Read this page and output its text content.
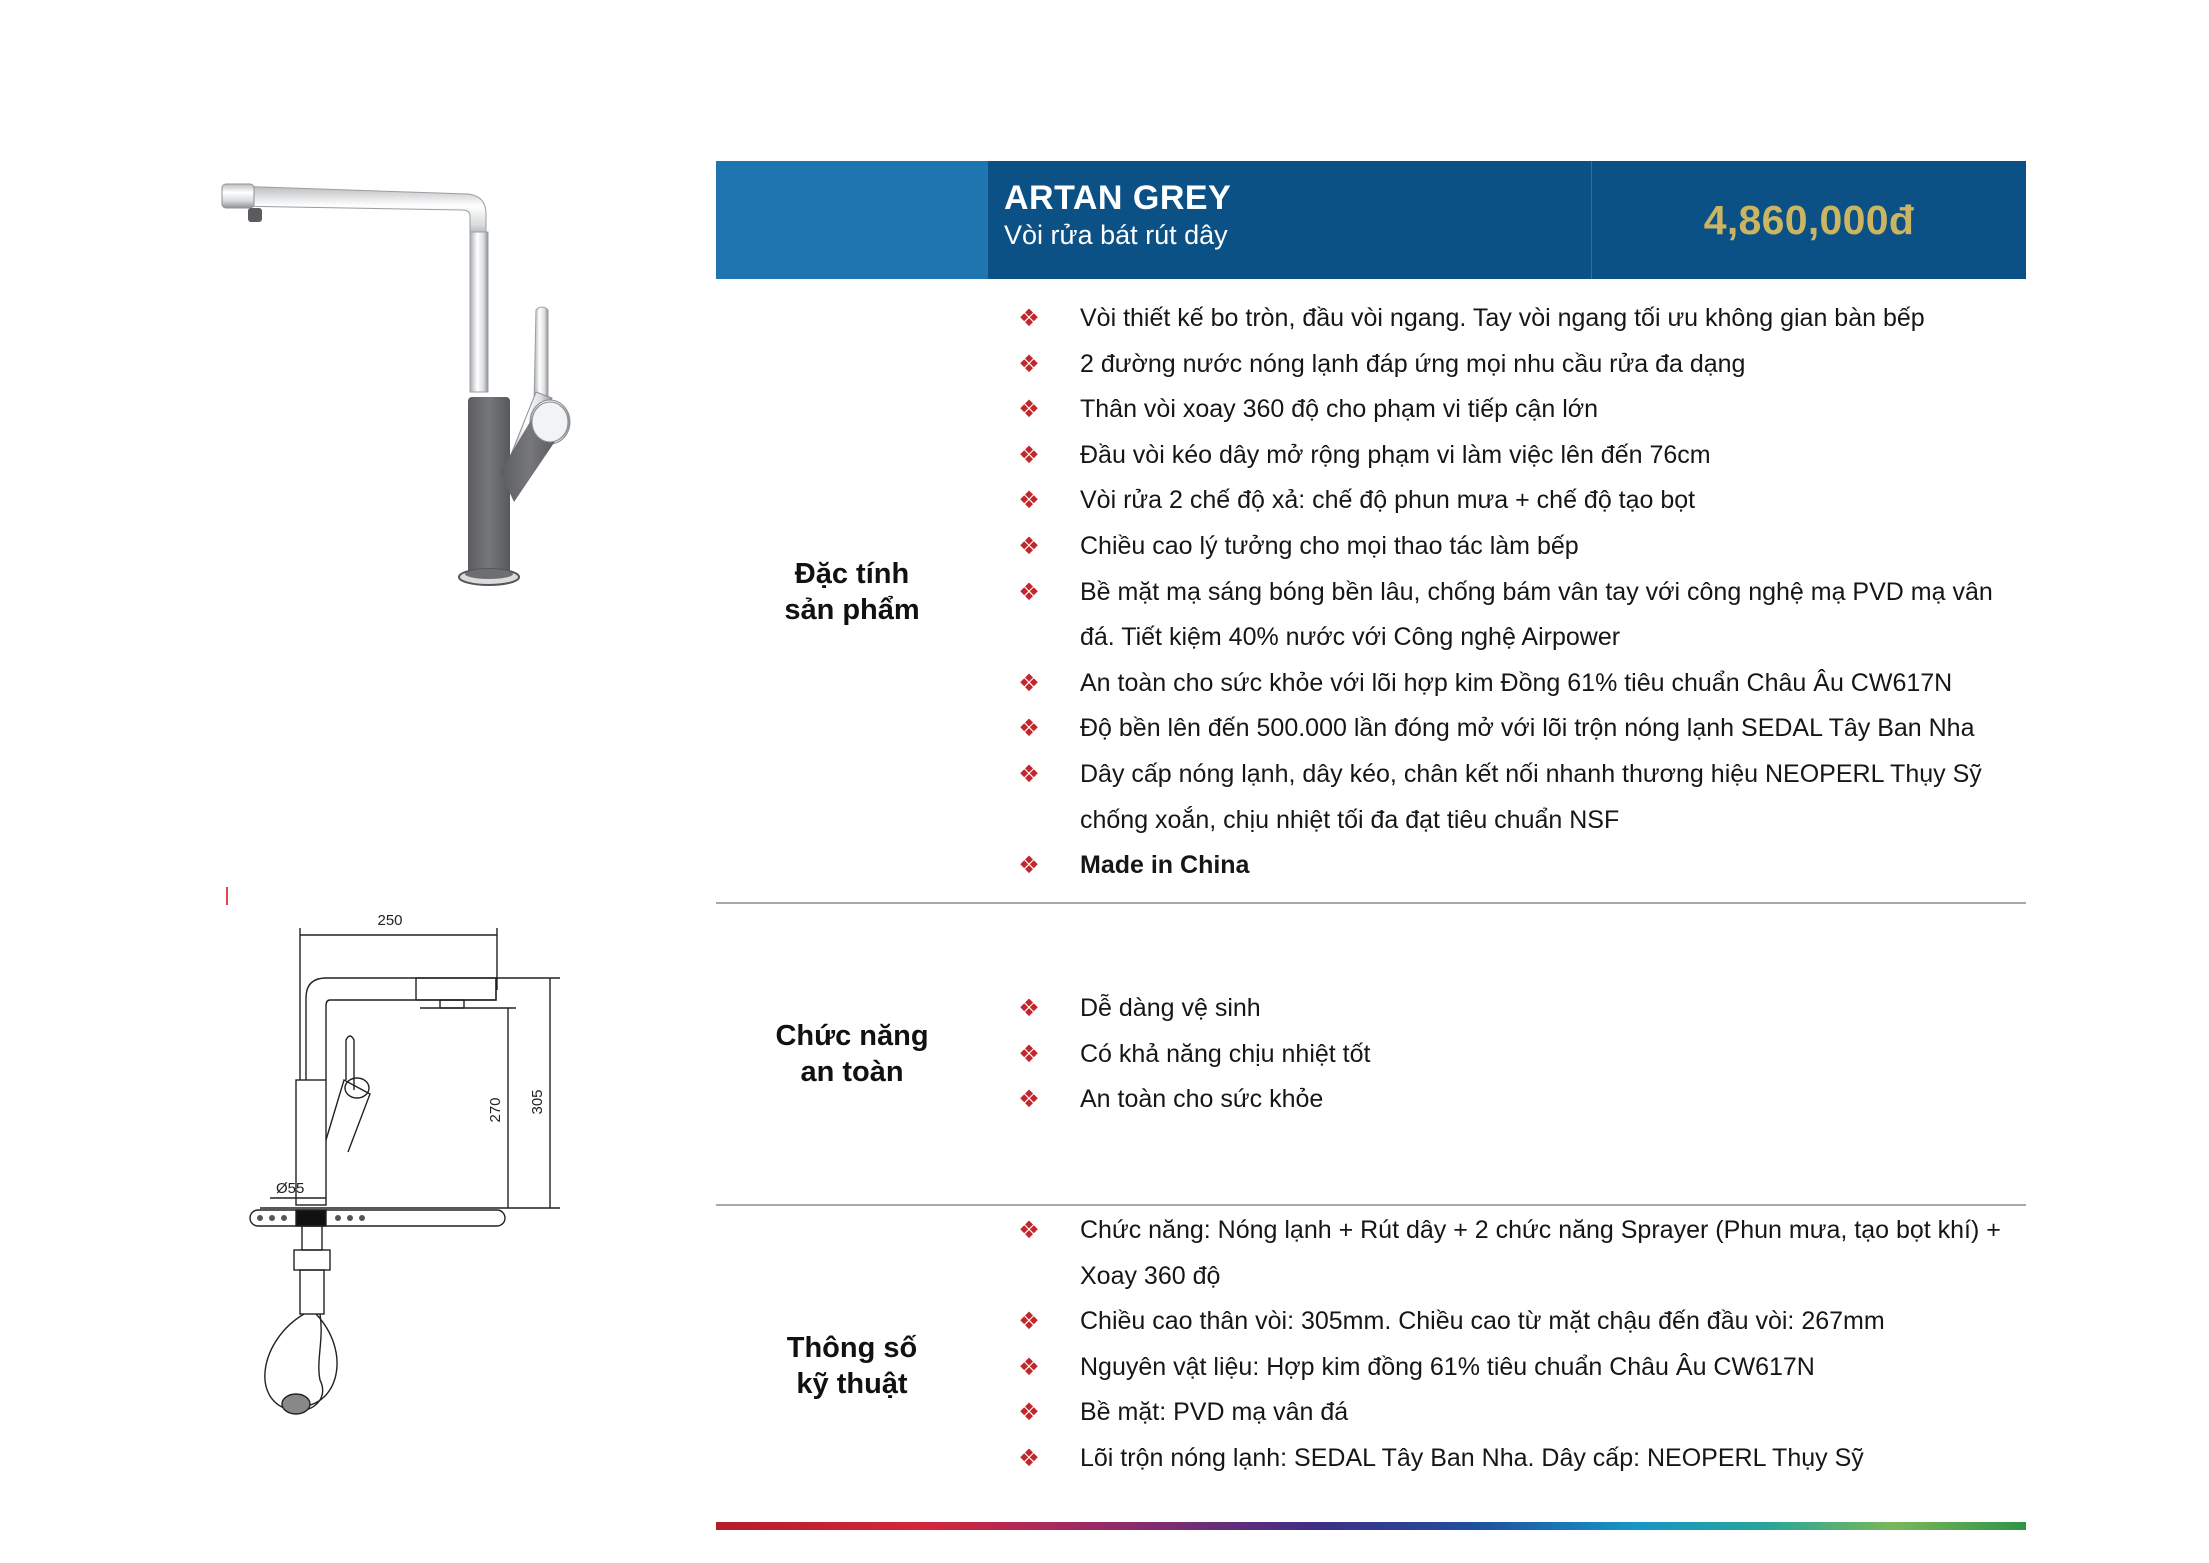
250
305
270
Ø55
ARTAN GREY
Vòi rửa bát rút dây	4,860,000đ
Đặc tính
sản phẩm
❖ Vòi thiết kế bo tròn, đầu vòi ngang. Tay vòi ngang tối ưu không gian bàn bếp
❖ 2 đường nước nóng lạnh đáp ứng mọi nhu cầu rửa đa dạng
❖ Thân vòi xoay 360 độ cho phạm vi tiếp cận lớn
❖ Đầu vòi kéo dây mở rộng phạm vi làm việc lên đến 76cm
❖ Vòi rửa 2 chế độ xả: chế độ phun mưa + chế độ tạo bọt
❖ Chiều cao lý tưởng cho mọi thao tác làm bếp
❖ Bề mặt mạ sáng bóng bền lâu, chống bám vân tay với công nghệ mạ PVD mạ vân đá. Tiết kiệm 40% nước với Công nghệ Airpower
❖ An toàn cho sức khỏe với lõi hợp kim Đồng 61% tiêu chuẩn Châu Âu CW617N
❖ Độ bền lên đến 500.000 lần đóng mở với lõi trộn nóng lạnh SEDAL Tây Ban Nha
❖ Dây cấp nóng lạnh, dây kéo, chân kết nối nhanh thương hiệu NEOPERL Thụy Sỹ chống xoắn, chịu nhiệt tối đa đạt tiêu chuẩn NSF
❖ Made in China
Chức năng
an toàn
❖ Dễ dàng vệ sinh
❖ Có khả năng chịu nhiệt tốt
❖ An toàn cho sức khỏe
Thông số
kỹ thuật
❖ Chức năng: Nóng lạnh + Rút dây + 2 chức năng Sprayer (Phun mưa, tạo bọt khí) + Xoay 360 độ
❖ Chiều cao thân vòi: 305mm. Chiều cao từ mặt chậu đến đầu vòi: 267mm
❖ Nguyên vật liệu: Hợp kim đồng 61% tiêu chuẩn Châu Âu CW617N
❖ Bề mặt: PVD mạ vân đá
❖ Lõi trộn nóng lạnh: SEDAL Tây Ban Nha. Dây cấp: NEOPERL Thụy Sỹ
